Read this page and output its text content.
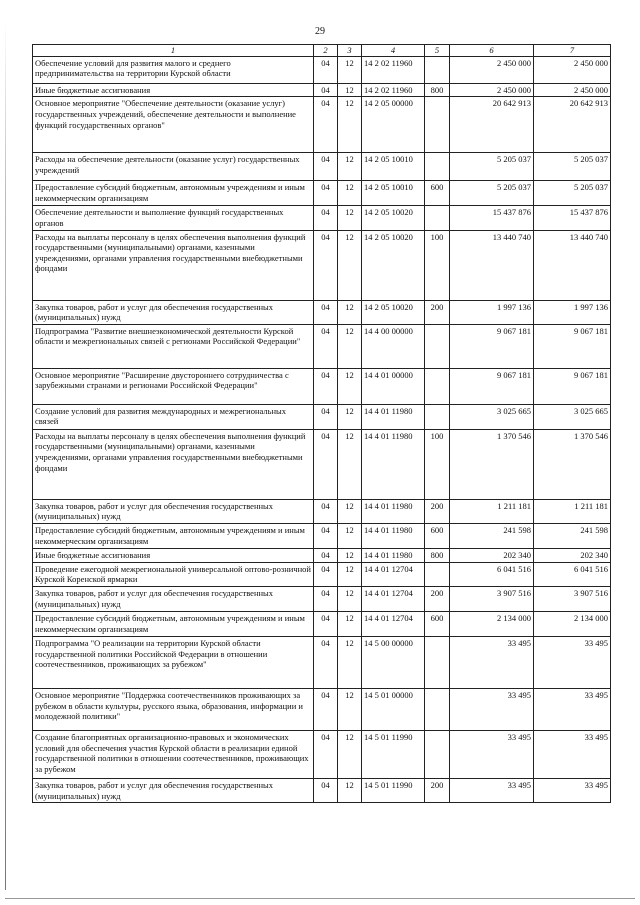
29
1	2	3	4	5	6	7
Обеспечение условий для развития малого и среднего предпринимательства на территории Курской области	04	12	14 2 02 11960		2 450 000	2 450 000
Иные бюджетные ассигнования	04	12	14 2 02 11960	800	2 450 000	2 450 000
Основное мероприятие "Обеспечение деятельности (оказание услуг) государственных учреждений, обеспечение деятельности и выполнение функций государственных органов"	04	12	14 2 05 00000		20 642 913	20 642 913
Расходы на обеспечение деятельности (оказание услуг) государственных учреждений	04	12	14 2 05 10010		5 205 037	5 205 037
Предоставление субсидий бюджетным, автономным учреждениям и иным некоммерческим организациям	04	12	14 2 05 10010	600	5 205 037	5 205 037
Обеспечение деятельности и выполнение функций государственных органов	04	12	14 2 05 10020		15 437 876	15 437 876
Расходы на выплаты персоналу в целях обеспечения выполнения функций государственными (муниципальными) органами, казенными учреждениями, органами управления государственными внебюджетными фондами	04	12	14 2 05 10020	100	13 440 740	13 440 740
Закупка товаров, работ и услуг для обеспечения государственных (муниципальных) нужд	04	12	14 2 05 10020	200	1 997 136	1 997 136
Подпрограмма "Развитие внешнеэкономической деятельности Курской области и межрегиональных связей с регионами Российской Федерации"	04	12	14 4 00 00000		9 067 181	9 067 181
Основное мероприятие "Расширение двустороннего сотрудничества с зарубежными странами и регионами Российской Федерации"	04	12	14 4 01 00000		9 067 181	9 067 181
Создание условий для развития международных и межрегиональных связей	04	12	14 4 01 11980		3 025 665	3 025 665
Расходы на выплаты персоналу в целях обеспечения выполнения функций государственными (муниципальными) органами, казенными учреждениями, органами управления государственными внебюджетными фондами	04	12	14 4 01 11980	100	1 370 546	1 370 546
Закупка товаров, работ и услуг для обеспечения государственных (муниципальных) нужд	04	12	14 4 01 11980	200	1 211 181	1 211 181
Предоставление субсидий бюджетным, автономным учреждениям и иным некоммерческим организациям	04	12	14 4 01 11980	600	241 598	241 598
Иные бюджетные ассигнования	04	12	14 4 01 11980	800	202 340	202 340
Проведение ежегодной межрегиональной универсальной оптово-розничной Курской Коренской ярмарки	04	12	14 4 01 12704		6 041 516	6 041 516
Закупка товаров, работ и услуг для обеспечения государственных (муниципальных) нужд	04	12	14 4 01 12704	200	3 907 516	3 907 516
Предоставление субсидий бюджетным, автономным учреждениям и иным некоммерческим организациям	04	12	14 4 01 12704	600	2 134 000	2 134 000
Подпрограмма "О реализации на территории Курской области государственной политики Российской Федерации в отношении соотечественников, проживающих за рубежом"	04	12	14 5 00 00000		33 495	33 495
Основное мероприятие "Поддержка соотечественников проживающих за рубежом в области культуры, русского языка, образования, информации и молодежной политики"	04	12	14 5 01 00000		33 495	33 495
Создание благоприятных организационно-правовых и экономических условий для обеспечения участия Курской области в реализации единой государственной политики в отношении соотечественников, проживающих за рубежом	04	12	14 5 01 11990		33 495	33 495
Закупка товаров, работ и услуг для обеспечения государственных (муниципальных) нужд	04	12	14 5 01 11990	200	33 495	33 495
